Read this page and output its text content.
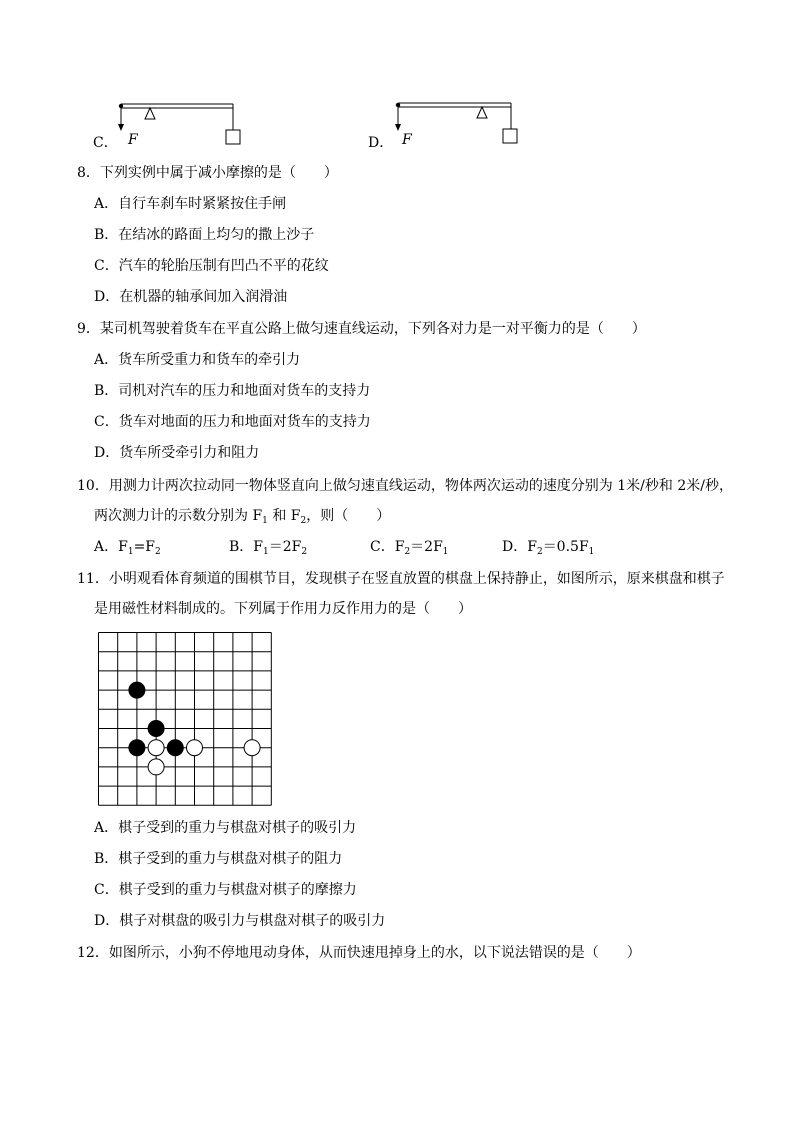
C． F	D． F
8．下列实例中属于减小摩擦的是（　　）
A．自行车刹车时紧紧按住手闸
B．在结冰的路面上均匀的撒上沙子
C．汽车的轮胎压制有凹凸不平的花纹
D．在机器的轴承间加入润滑油
9．某司机驾驶着货车在平直公路上做匀速直线运动，下列各对力是一对平衡力的是（　　）
A．货车所受重力和货车的牵引力
B．司机对汽车的压力和地面对货车的支持力
C．货车对地面的压力和地面对货车的支持力
D．货车所受牵引力和阻力
10．用测力计两次拉动同一物体竖直向上做匀速直线运动，物体两次运动的速度分别为 1米/秒和 2米/秒，
两次测力计的示数分别为 $F_1$ 和 $F_2$，则（　　）
A．$F_1=F_2$	B．$F_1=2F_2$	C．$F_2=2F_1$	D．$F_2=0.5F_1$
11．小明观看体育频道的围棋节目，发现棋子在竖直放置的棋盘上保持静止，如图所示，原来棋盘和棋子
是用磁性材料制成的。下列属于作用力反作用力的是（　　）
A．棋子受到的重力与棋盘对棋子的吸引力
B．棋子受到的重力与棋盘对棋子的阻力
C．棋子受到的重力与棋盘对棋子的摩擦力
D．棋子对棋盘的吸引力与棋盘对棋子的吸引力
12．如图所示，小狗不停地甩动身体，从而快速甩掉身上的水，以下说法错误的是（　　）
